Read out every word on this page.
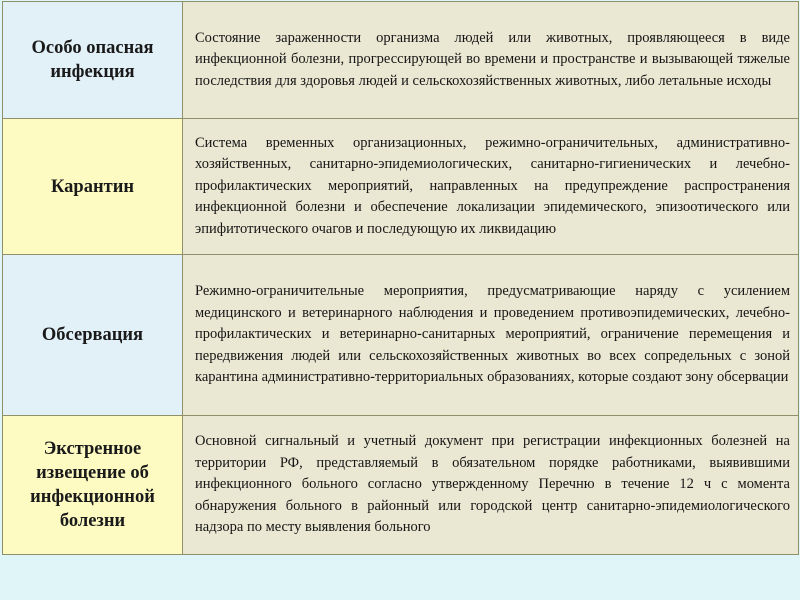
Особо опасная инфекция	Состояние зараженности организма людей или животных, проявляющееся в виде инфекционной болезни, прогрессирующей во времени и пространстве и вызывающей тяжелые последствия для здоровья людей и сельскохозяйственных животных, либо летальные исходы
Карантин	Система временных организационных, режимно-ограничительных, административно-хозяйственных, санитарно-эпидемиологических, санитарно-гигиенических и лечебно-профилактических мероприятий, направленных на предупреждение распространения инфекционной болезни и обеспечение локализации эпидемического, эпизоотического или эпифитотического очагов и последующую их ликвидацию
Обсервация	Режимно-ограничительные мероприятия, предусматривающие наряду с усилением медицинского и ветеринарного наблюдения и проведением противоэпидемических, лечебно-профилактических и ветеринарно-санитарных мероприятий, ограничение перемещения и передвижения людей или сельскохозяйственных животных во всех сопредельных с зоной карантина административно-территориальных образованиях, которые создают зону обсервации
Экстренное извещение об инфекционной болезни	Основной сигнальный и учетный документ при регистрации инфекционных болезней на территории РФ, представляемый в обязательном порядке работниками, выявившими инфекционного больного согласно утвержденному Перечню в течение 12 ч с момента обнаружения больного в районный или городской центр санитарно-эпидемиологического надзора по месту выявления больного
